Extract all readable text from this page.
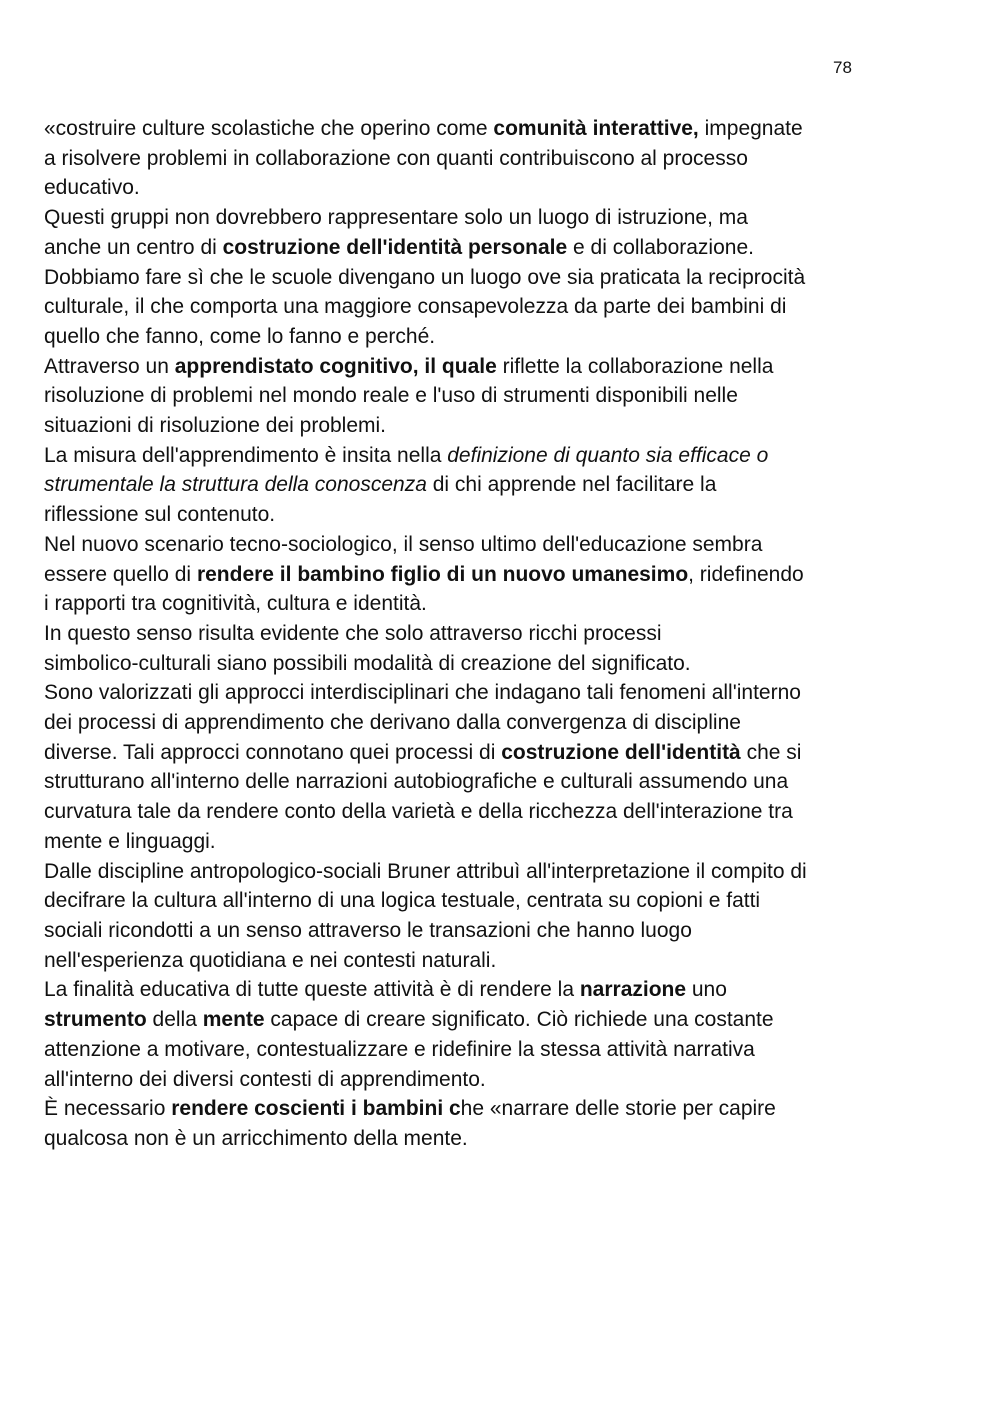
78
«costruire culture scolastiche che operino come comunità interattive, impegnate
a risolvere problemi in collaborazione con quanti contribuiscono al processo
educativo.
Questi gruppi non dovrebbero rappresentare solo un luogo di istruzione, ma
anche un centro di costruzione dell'identità personale e di collaborazione.
Dobbiamo fare sì che le scuole divengano un luogo ove sia praticata la reciprocità
culturale, il che comporta una maggiore consapevolezza da parte dei bambini di
quello che fanno, come lo fanno e perché.
Attraverso un apprendistato cognitivo, il quale riflette la collaborazione nella
risoluzione di problemi nel mondo reale e l'uso di strumenti disponibili nelle
situazioni di risoluzione dei problemi.
La misura dell'apprendimento è insita nella definizione di quanto sia efficace o
strumentale la struttura della conoscenza di chi apprende nel facilitare la
riflessione sul contenuto.
Nel nuovo scenario tecno-sociologico, il senso ultimo dell'educazione sembra
essere quello di rendere il bambino figlio di un nuovo umanesimo, ridefinendo
i rapporti tra cognitività, cultura e identità.
In questo senso risulta evidente che solo attraverso ricchi processi
simbolico-culturali siano possibili modalità di creazione del significato.
Sono valorizzati gli approcci interdisciplinari che indagano tali fenomeni all'interno
dei processi di apprendimento che derivano dalla convergenza di discipline
diverse. Tali approcci connotano quei processi di costruzione dell'identità che si
strutturano all'interno delle narrazioni autobiografiche e culturali assumendo una
curvatura tale da rendere conto della varietà e della ricchezza dell'interazione tra
mente e linguaggi.
Dalle discipline antropologico-sociali Bruner attribuì all'interpretazione il compito di
decifrare la cultura all'interno di una logica testuale, centrata su copioni e fatti
sociali ricondotti a un senso attraverso le transazioni che hanno luogo
nell'esperienza quotidiana e nei contesti naturali.
La finalità educativa di tutte queste attività è di rendere la narrazione uno
strumento della mente capace di creare significato. Ciò richiede una costante
attenzione a motivare, contestualizzare e ridefinire la stessa attività narrativa
all'interno dei diversi contesti di apprendimento.
È necessario rendere coscienti i bambini che «narrare delle storie per capire
qualcosa non è un arricchimento della mente.
